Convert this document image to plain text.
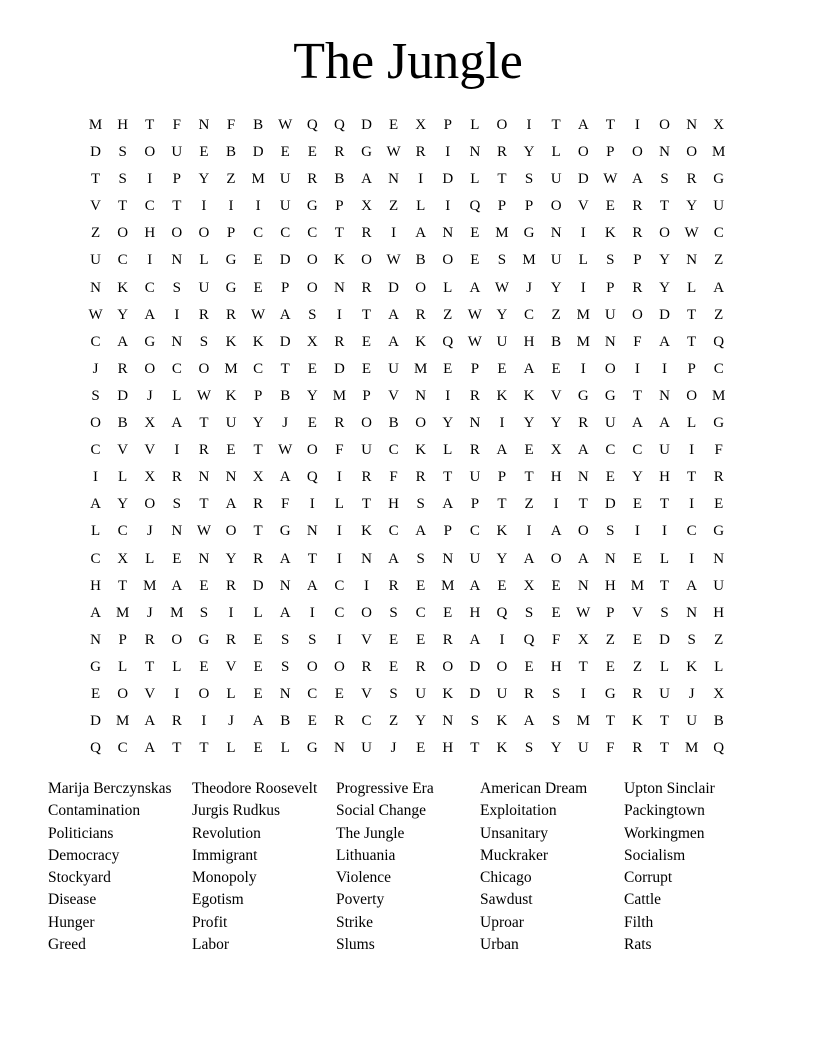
The Jungle
M	H	T	F	N	F	B	W Q	Q	D	E	X	P	L	O	I	T	A	T	I	O	N	X
D	S	O	U	E	B	D	E	E	R	G W	R	I	N	R	Y	L	O	P	O	N	O	M
T	S	I	P	Y	Z	M	U	R	B	A	N	I	D	L	T	S	U	D W A	S	R	G
V	T	C	T	I	I	I	U	G	P	X	Z	L	I	Q	P	P	O	V	E	R	T	Y	U
Z	O	H	O	O	P	C	C	C	T	R	I	A	N	E	M	G	N	I	K	R	O W	C
U	C	I	N	L	G	E	D	O	K	O W	B	O	E	S	M	U	L	S	P	Y	N	Z
N	K	C	S	U	G	E	P	O	N	R	D	O	L	A W	J	Y	I	P	R	Y	L	A
W Y	A	I	R	R	W A	S	I	T	A	R	Z	W Y	C	Z	M	U	O	D	T	Z
C	A	G	N	S	K	K	D	X	R	E	A	K	Q W U	H	B	M	N	F	A	T	Q
J	R	O	C	O	M	C	T	E	D	E	U	M	E	P	E	A	E	I	O	I	I	P	C
S	D	J	L	W K	P	B	Y	M	P	V	N	I	R	K	K	V	G	G	T	N	O	M
O	B	X	A	T	U	Y	J	E	R	O	B	O	Y	N	I	Y	Y	R	U	A	A	L	G
C	V	V	I	R	E	T	W O	F	U	C	K	L	R	A	E	X	A	C	C	U	I	F
I	L	X	R	N	N	X	A	Q	I	R	F	R	T	U	P	T	H	N	E	Y	H	T	R
A	Y	O	S	T	A	R	F	I	L	T	H	S	A	P	T	Z	I	T	D	E	T	I	E
L	C	J	N W O	T	G	N	I	K	C	A	P	C	K	I	A	O	S	I	I	C	G
C	X	L	E	N	Y	R	A	T	I	N	A	S	N	U	Y	A	O	A	N	E	L	I	N
H	T	M	A	E	R	D	N	A	C	I	R	E	M	A	E	X	E	N	H	M	T	A	U
A	M	J	M	S	I	L	A	I	C	O	S	C	E	H	Q	S	E	W	P	V	S	N	H
N	P	R	O	G	R	E	S	S	I	V	E	E	R	A	I	Q	F	X	Z	E	D	S	Z
G	L	T	L	E	V	E	S	O	O	R	E	R	O	D	O	E	H	T	E	Z	L	K	L
E	O	V	I	O	L	E	N	C	E	V	S	U	K	D	U	R	S	I	G	R	U	J	X
D	M	A	R	I	J	A	B	E	R	C	Z	Y	N	S	K	A	S	M	T	K	T	U	B
Q	C	A	T	T	L	E	L	G	N	U	J	E	H	T	K	S	Y	U	F	R	T	M	Q
Marija Berczynskas
Contamination
Politicians
Democracy
Stockyard
Disease
Hunger
Greed
Theodore Roosevelt
Jurgis Rudkus
Revolution
Immigrant
Monopoly
Egotism
Profit
Labor
Progressive Era
Social Change
The Jungle
Lithuania
Violence
Poverty
Strike
Slums
American Dream
Exploitation
Unsanitary
Muckraker
Chicago
Sawdust
Uproar
Urban
Upton Sinclair
Packingtown
Workingmen
Socialism
Corrupt
Cattle
Filth
Rats
